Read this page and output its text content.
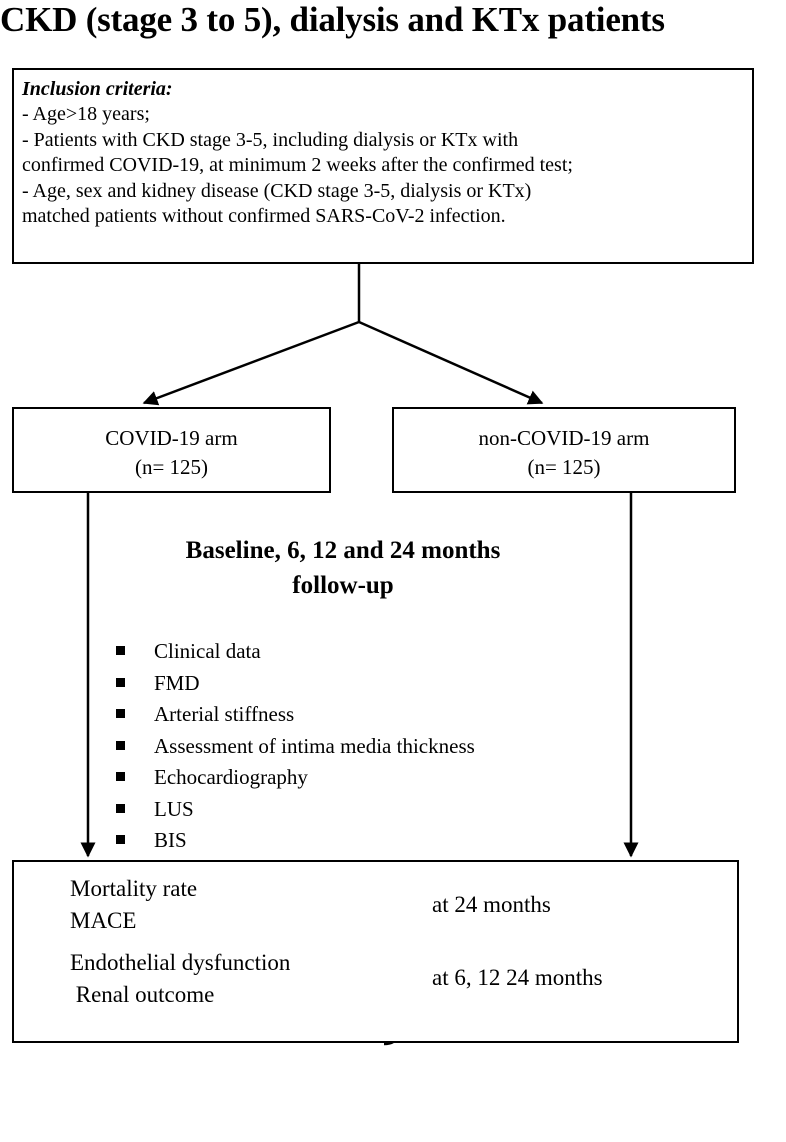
CKD (stage 3 to 5), dialysis and KTx patients
Inclusion criteria:
- Age>18 years;
- Patients with CKD stage 3-5, including dialysis or KTx with
confirmed COVID-19, at minimum 2 weeks after the confirmed test;
- Age, sex and kidney disease (CKD stage 3-5, dialysis or KTx)
matched patients without confirmed SARS-CoV-2 infection.
COVID-19 arm
(n= 125)
non-COVID-19 arm
(n= 125)
Baseline, 6, 12 and 24 months
follow-up
Clinical data
FMD
Arterial stiffness
Assessment of intima media thickness
Echocardiography
LUS
BIS
Mortality rate
MACE
at 24 months
Endothelial dysfunction
Renal outcome
at 6, 12 24 months
